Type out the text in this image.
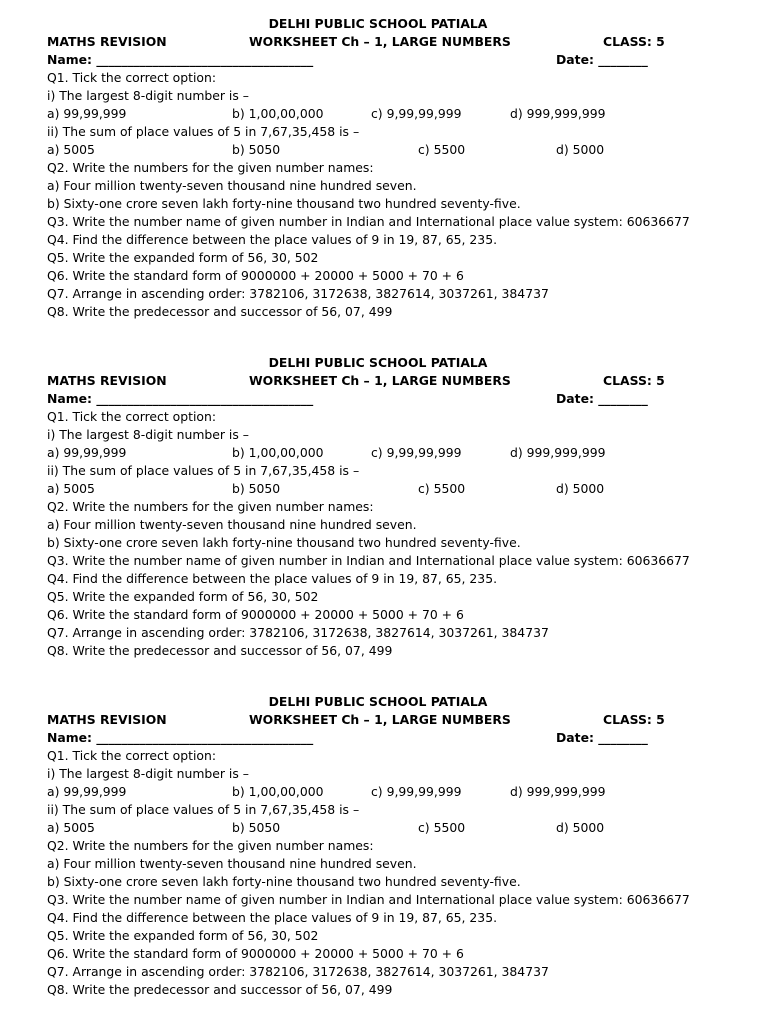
DELHI PUBLIC SCHOOL PATIALA
MATHS REVISION	WORKSHEET Ch – 1, LARGE NUMBERS	CLASS: 5
Name: ___________________________________	Date: ________
Q1. Tick the correct option:
i) The largest 8-digit number is –
a) 99,99,999	b) 1,00,00,000	c) 9,99,99,999	d) 999,999,999
ii) The sum of place values of 5 in 7,67,35,458 is –
a) 5005	b) 5050	c) 5500	d) 5000
Q2. Write the numbers for the given number names:
a) Four million twenty-seven thousand nine hundred seven.
b) Sixty-one crore seven lakh forty-nine thousand two hundred seventy-five.
Q3. Write the number name of given number in Indian and International place value system: 60636677
Q4. Find the difference between the place values of 9 in 19, 87, 65, 235.
Q5. Write the expanded form of 56, 30, 502
Q6. Write the standard form of 9000000 + 20000 + 5000 + 70 + 6
Q7. Arrange in ascending order: 3782106, 3172638, 3827614, 3037261, 384737
Q8. Write the predecessor and successor of 56, 07, 499
DELHI PUBLIC SCHOOL PATIALA
MATHS REVISION	WORKSHEET Ch – 1, LARGE NUMBERS	CLASS: 5
Name: ___________________________________	Date: ________
Q1. Tick the correct option:
i) The largest 8-digit number is –
a) 99,99,999	b) 1,00,00,000	c) 9,99,99,999	d) 999,999,999
ii) The sum of place values of 5 in 7,67,35,458 is –
a) 5005	b) 5050	c) 5500	d) 5000
Q2. Write the numbers for the given number names:
a) Four million twenty-seven thousand nine hundred seven.
b) Sixty-one crore seven lakh forty-nine thousand two hundred seventy-five.
Q3. Write the number name of given number in Indian and International place value system: 60636677
Q4. Find the difference between the place values of 9 in 19, 87, 65, 235.
Q5. Write the expanded form of 56, 30, 502
Q6. Write the standard form of 9000000 + 20000 + 5000 + 70 + 6
Q7. Arrange in ascending order: 3782106, 3172638, 3827614, 3037261, 384737
Q8. Write the predecessor and successor of 56, 07, 499
DELHI PUBLIC SCHOOL PATIALA
MATHS REVISION	WORKSHEET Ch – 1, LARGE NUMBERS	CLASS: 5
Name: ___________________________________	Date: ________
Q1. Tick the correct option:
i) The largest 8-digit number is –
a) 99,99,999	b) 1,00,00,000	c) 9,99,99,999	d) 999,999,999
ii) The sum of place values of 5 in 7,67,35,458 is –
a) 5005	b) 5050	c) 5500	d) 5000
Q2. Write the numbers for the given number names:
a) Four million twenty-seven thousand nine hundred seven.
b) Sixty-one crore seven lakh forty-nine thousand two hundred seventy-five.
Q3. Write the number name of given number in Indian and International place value system: 60636677
Q4. Find the difference between the place values of 9 in 19, 87, 65, 235.
Q5. Write the expanded form of 56, 30, 502
Q6. Write the standard form of 9000000 + 20000 + 5000 + 70 + 6
Q7. Arrange in ascending order: 3782106, 3172638, 3827614, 3037261, 384737
Q8. Write the predecessor and successor of 56, 07, 499
